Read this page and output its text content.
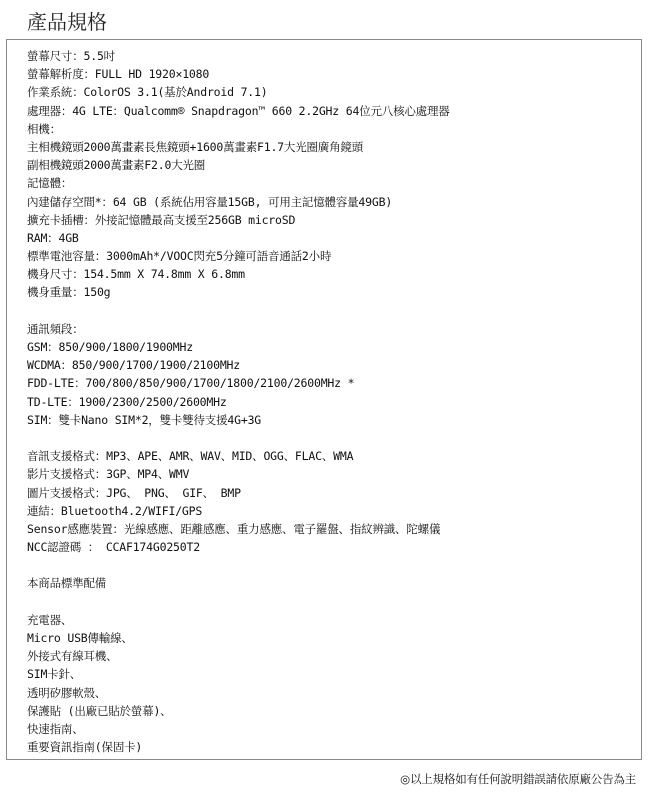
產品規格
螢幕尺寸：5.5吋
螢幕解析度：FULL HD 1920×1080
作業系統：ColorOS 3.1(基於Android 7.1)
處理器：4G LTE：Qualcomm® Snapdragon™ 660 2.2GHz 64位元八核心處理器
相機：
主相機鏡頭2000萬畫素長焦鏡頭+1600萬畫素F1.7大光圈廣角鏡頭
副相機鏡頭2000萬畫素F2.0大光圈
記憶體：
內建儲存空間*：64 GB (系統佔用容量15GB, 可用主記憶體容量49GB)
擴充卡插槽：外接記憶體最高支援至256GB microSD
RAM：4GB
標準電池容量：3000mAh*/VOOC閃充5分鐘可語音通話2小時
機身尺寸：154.5mm X 74.8mm X 6.8mm
機身重量：150g
通訊頻段：
GSM：850/900/1800/1900MHz
WCDMA：850/900/1700/1900/2100MHz
FDD-LTE：700/800/850/900/1700/1800/2100/2600MHz *
TD-LTE：1900/2300/2500/2600MHz
SIM：雙卡Nano SIM*2，雙卡雙待支援4G+3G
音訊支援格式：MP3、APE、AMR、WAV、MID、OGG、FLAC、WMA
影片支援格式：3GP、MP4、WMV
圖片支援格式：JPG、 PNG、 GIF、 BMP
連結：Bluetooth4.2/WIFI/GPS
Sensor感應裝置：光線感應、距離感應、重力感應、電子羅盤、指紋辨識、陀螺儀
NCC認證碼 ： CCAF174G0250T2
本商品標準配備
充電器、
Micro USB傳輸線、
外接式有線耳機、
SIM卡針、
透明矽膠軟殼、
保護貼 (出廠已貼於螢幕)、
快速指南、
重要資訊指南(保固卡)
◎以上規格如有任何說明錯誤請依原廠公告為主
